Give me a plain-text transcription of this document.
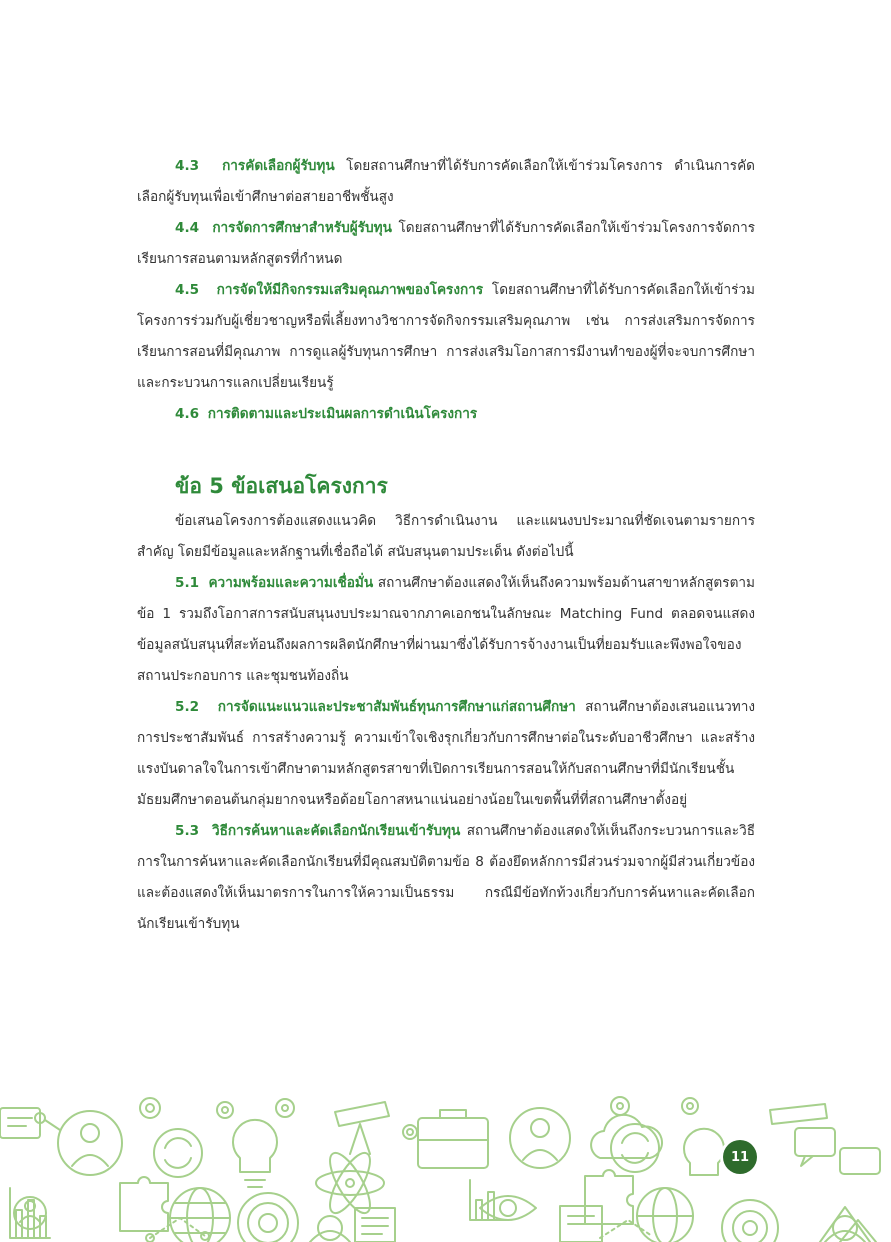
4.3 การคัดเลือกผู้รับทุน โดยสถานศึกษาที่ได้รับการคัดเลือกให้เข้าร่วมโครงการ ดำเนินการคัดเลือกผู้รับทุนเพื่อเข้าศึกษาต่อสายอาชีพชั้นสูง

4.4 การจัดการศึกษาสำหรับผู้รับทุน โดยสถานศึกษาที่ได้รับการคัดเลือกให้เข้าร่วมโครงการจัดการเรียนการสอนตามหลักสูตรที่กำหนด

4.5 การจัดให้มีกิจกรรมเสริมคุณภาพของโครงการ โดยสถานศึกษาที่ได้รับการคัดเลือกให้เข้าร่วมโครงการร่วมกับผู้เชี่ยวชาญหรือพี่เลี้ยงทางวิชาการจัดกิจกรรมเสริมคุณภาพ เช่น การส่งเสริมการจัดการเรียนการสอนที่มีคุณภาพ การดูแลผู้รับทุนการศึกษา การส่งเสริมโอกาสการมีงานทำของผู้ที่จะจบการศึกษา และกระบวนการแลกเปลี่ยนเรียนรู้

4.6 การติดตามและประเมินผลการดำเนินโครงการ

ข้อ 5 ข้อเสนอโครงการ

ข้อเสนอโครงการต้องแสดงแนวคิด วิธีการดำเนินงาน และแผนงบประมาณที่ชัดเจนตามรายการสำคัญ โดยมีข้อมูลและหลักฐานที่เชื่อถือได้ สนับสนุนตามประเด็น ดังต่อไปนี้

5.1 ความพร้อมและความเชื่อมั่น สถานศึกษาต้องแสดงให้เห็นถึงความพร้อมด้านสาขาหลักสูตรตามข้อ 1 รวมถึงโอกาสการสนับสนุนงบประมาณจากภาคเอกชนในลักษณะ Matching Fund ตลอดจนแสดงข้อมูลสนับสนุนที่สะท้อนถึงผลการผลิตนักศึกษาที่ผ่านมาซึ่งได้รับการจ้างงานเป็นที่ยอมรับและพึงพอใจของสถานประกอบการ และชุมชนท้องถิ่น

5.2 การจัดแนะแนวและประชาสัมพันธ์ทุนการศึกษาแก่สถานศึกษา สถานศึกษาต้องเสนอแนวทางการประชาสัมพันธ์ การสร้างความรู้ ความเข้าใจเชิงรุกเกี่ยวกับการศึกษาต่อในระดับอาชีวศึกษา และสร้างแรงบันดาลใจในการเข้าศึกษาตามหลักสูตรสาขาที่เปิดการเรียนการสอนให้กับสถานศึกษาที่มีนักเรียนชั้นมัธยมศึกษาตอนต้นกลุ่มยากจนหรือด้อยโอกาสหนาแน่นอย่างน้อยในเขตพื้นที่ที่สถานศึกษาตั้งอยู่

5.3 วิธีการค้นหาและคัดเลือกนักเรียนเข้ารับทุน สถานศึกษาต้องแสดงให้เห็นถึงกระบวนการและวิธีการในการค้นหาและคัดเลือกนักเรียนที่มีคุณสมบัติตามข้อ 8 ต้องยึดหลักการมีส่วนร่วมจากผู้มีส่วนเกี่ยวข้อง และต้องแสดงให้เห็นมาตรการในการให้ความเป็นธรรม กรณีมีข้อทักท้วงเกี่ยวกับการค้นหาและคัดเลือกนักเรียนเข้ารับทุน

11
